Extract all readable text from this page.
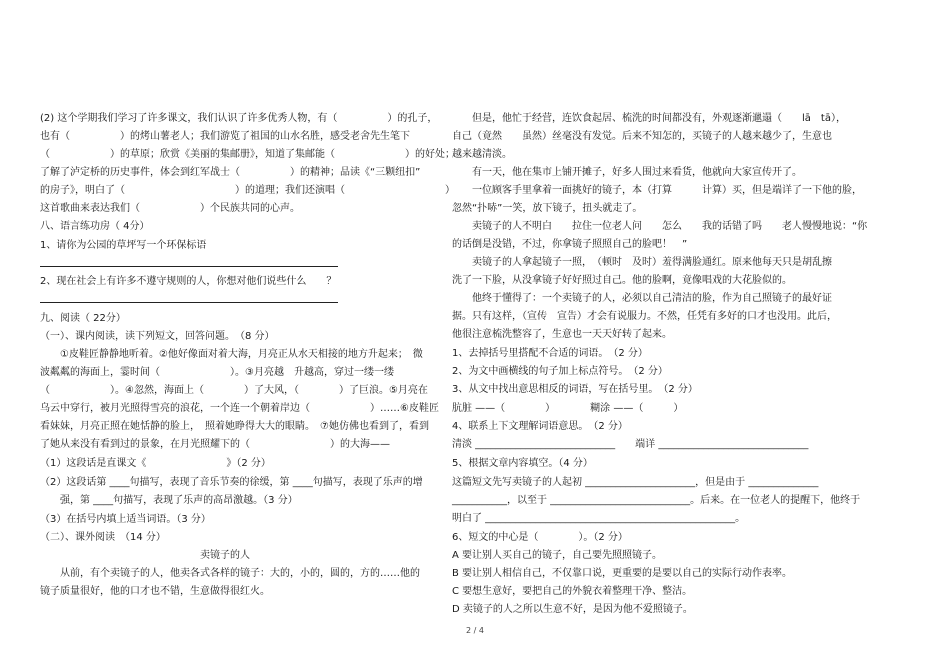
(2) 这个学期我们学习了许多课文，我们认识了许多优秀人物，有（　　　　　）的孔子，
也有（　　　　　）的烤山薯老人；我们游览了祖国的山水名胜，感受老舍先生笔下
（　　　　　　）的草原；欣赏《美丽的集邮册》，知道了集邮能（　　　　　　　）的好处；
了解了泸定桥的历史事件，体会到红军战士（　　　　　）的精神；品读《“三颗纽扣”
的房子》，明白了（　　　　　　　　　　　）的道理；我们还演唱（　　　　　　　　　　）
这首歌曲来表达我们（　　　　　　）个民族共同的心声。
八、语言练功房（ 4分）
1、请你为公园的草坪写一个环保标语
2、现在社会上有许多不遵守规则的人，你想对他们说些什么　　？
九、阅读（ 22分）
（一）、课内阅读，读下列短文，回答问题。　（8 分）
　　①皮鞋匠静静地听着。②他好像面对着大海，月亮正从水天相接的地方升起来；　微
波粼粼的海面上，霎时间（　　　　　　　）。③月亮越　升越高，穿过一缕一缕
（　　　　　　）。④忽然，海面上（　　　　）了大风，（　　　　）了巨浪。⑤月亮在
乌云中穿行，被月光照得雪亮的浪花，一个连一个朝着岸边（　　　　　　）……⑥皮鞋匠
看妹妹，月亮正照在她恬静的脸上，　照着她睁得大大的眼睛。　⑦她仿佛也看到了，看到
了她从来没有看到过的景象，在月光照耀下的（　　　　　　　　）的大海——
（1）这段话是直课文《　　　　　　　　》（2 分）
（2）这段话第 ____句描写，表现了音乐节奏的徐缓，第 ____句描写，表现了乐声的增
　　强，第 ____句描写，表现了乐声的高昂激越。（3 分）
（3）在括号内填上适当词语。（3 分）
（二）、课外阅读　（14 分）
卖镜子的人
　　从前，有个卖镜子的人，他卖各式各样的镜子：大的，小的，圆的，方的……他的
镜子质量很好，他的口才也不错，生意做得很红火。
　　但是，他忙于经营，连饮食起居、梳洗的时间都没有，外观逐渐邋遢（　　lā　tā），
自己（竟然　　虽然）丝毫没有发觉。后来不知怎的，买镜子的人越来越少了，生意也
越来越清淡。
　　有一天，他在集市上铺开摊子，好多人围过来看货，他就向大家宣传开了。
　　一位顾客手里拿着一面挑好的镜子，本（打算　　　计算）买，但是端详了一下他的脸，
忽然“扑哧”一笑，放下镜子，扭头就走了。
　　卖镜子的人不明白　　拉住一位老人问　　怎么　　我的话错了吗　　老人慢慢地说：“你
的话倒是没错，不过，你拿镜子照照自己的脸吧！　”
　　卖镜子的人拿起镜子一照，　（顿时　及时）羞得满脸通红。原来他每天只是胡乱擦
洗了一下脸，从没拿镜子好好照过自己。他的脸啊，竟像唱戏的大花脸似的。
　　他终于懂得了：一个卖镜子的人，必须以自己清洁的脸，作为自己照镜子的最好证
据。只有这样，（宣传　宣告）才会有说服力。不然，任凭有多好的口才也没用。此后，
他很注意梳洗整容了，生意也一天天好转了起来。
1、去掉括号里搭配不合适的词语。　（2 分）
2、为文中画横线的句子加上标点符号。　（2 分）
3、从文中找出意思相反的词语，写在括号里。　（2 分）
肮脏 ——（　　　　）　　　　糊涂 ——（　　　）
4、联系上下文理解词语意思。　（2 分）
清淡 ____________________________　　端详 ______________________________
5、根据文章内容填空。（4 分）
这篇短文先写卖镜子的人起初 ______________________，但是由于 ______________
___________，以至于 ____________________________。后来。在一位老人的提醒下，他终于
明白了 __________________________________________________。
6、短文的中心是（　　　　）。（2 分）
A 要让别人买自己的镜子，自己要先照照镜子。
B 要让别人相信自己，不仅靠口说，更重要的是要以自己的实际行动作表率。
C 要想生意好，要把自己的外貌衣着整理干净、整洁。
D 卖镜子的人之所以生意不好，是因为他不爱照镜子。
2 / 4
